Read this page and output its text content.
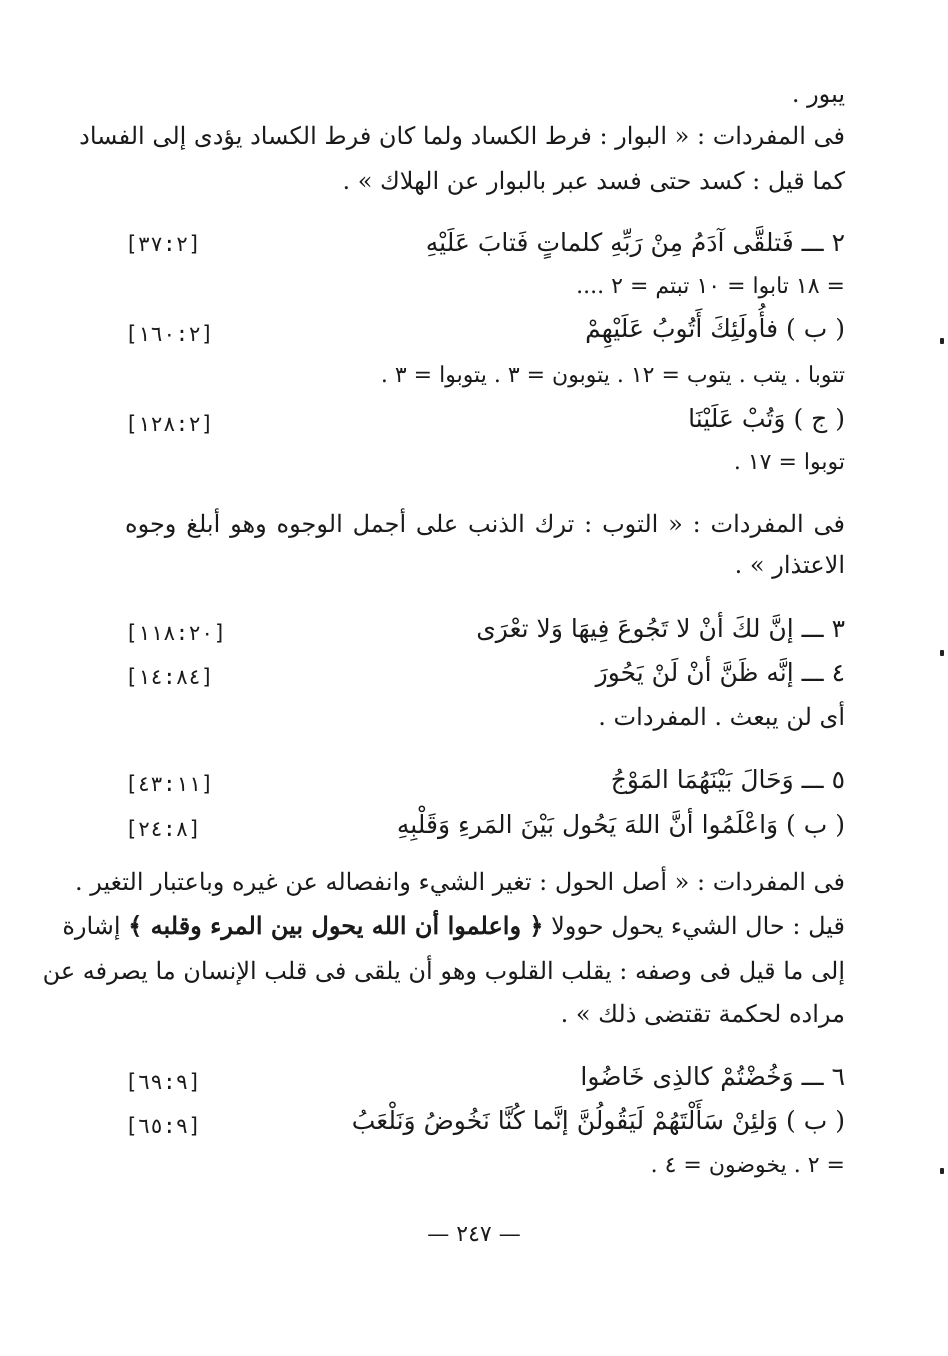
يبور .
فى المفردات : « البوار : فرط الكساد ولما كان فرط الكساد يؤدى إلى الفساد
كما قيل : كسد حتى فسد عبر بالبوار عن الهلاك » .
٢ ـــ فَتلقَّى آدَمُ مِنْ رَبِّهِ كلماتٍ فَتابَ عَلَيْهِ
[٣٧:٢]
= ١٨ تابوا = ١٠ تبتم = ٢ ....
( ب ) فأُولَئِكَ أَتُوبُ عَلَيْهِمْ
[١٦٠:٢]
تتوبا . يتب . يتوب = ١٢ . يتوبون = ٣ . يتوبوا = ٣ .
( ج ) وَتُبْ عَلَيْنَا
[١٢٨:٢]
توبوا = ١٧ .
فى المفردات : « التوب : ترك الذنب على أجمل الوجوه وهو أبلغ وجوه
الاعتذار » .
٣ ـــ إنَّ لكَ أنْ لا تَجُوعَ فِيهَا وَلا تعْرَى
[١١٨:٢٠]
٤ ـــ إنَّه ظَنَّ أنْ لَنْ يَحُورَ
[١٤:٨٤]
أى لن يبعث . المفردات .
٥ ـــ وَحَالَ بَيْنَهُمَا المَوْجُ
[٤٣:١١]
( ب ) وَاعْلَمُوا أنَّ اللهَ يَحُول بَيْنَ المَرءِ وَقَلْبِهِ
[٢٤:٨]
فى المفردات : « أصل الحول : تغير الشيء وانفصاله عن غيره وباعتبار التغير .
قيل : حال الشيء يحول حوولا ﴿ واعلموا أن الله يحول بين المرء وقلبه ﴾ إشارة
إلى ما قيل فى وصفه : يقلب القلوب وهو أن يلقى فى قلب الإنسان ما يصرفه عن
مراده لحكمة تقتضى ذلك » .
٦ ـــ وَخُضْتُمْ كالذِى خَاضُوا
[٦٩:٩]
( ب ) وَلئِنْ سَأَلْتَهُمْ لَيَقُولُنَّ إنَّما كُنَّا نَخُوضُ وَنَلْعَبُ
[٦٥:٩]
= ٢ . يخوضون = ٤ .
— ٢٤٧ —
